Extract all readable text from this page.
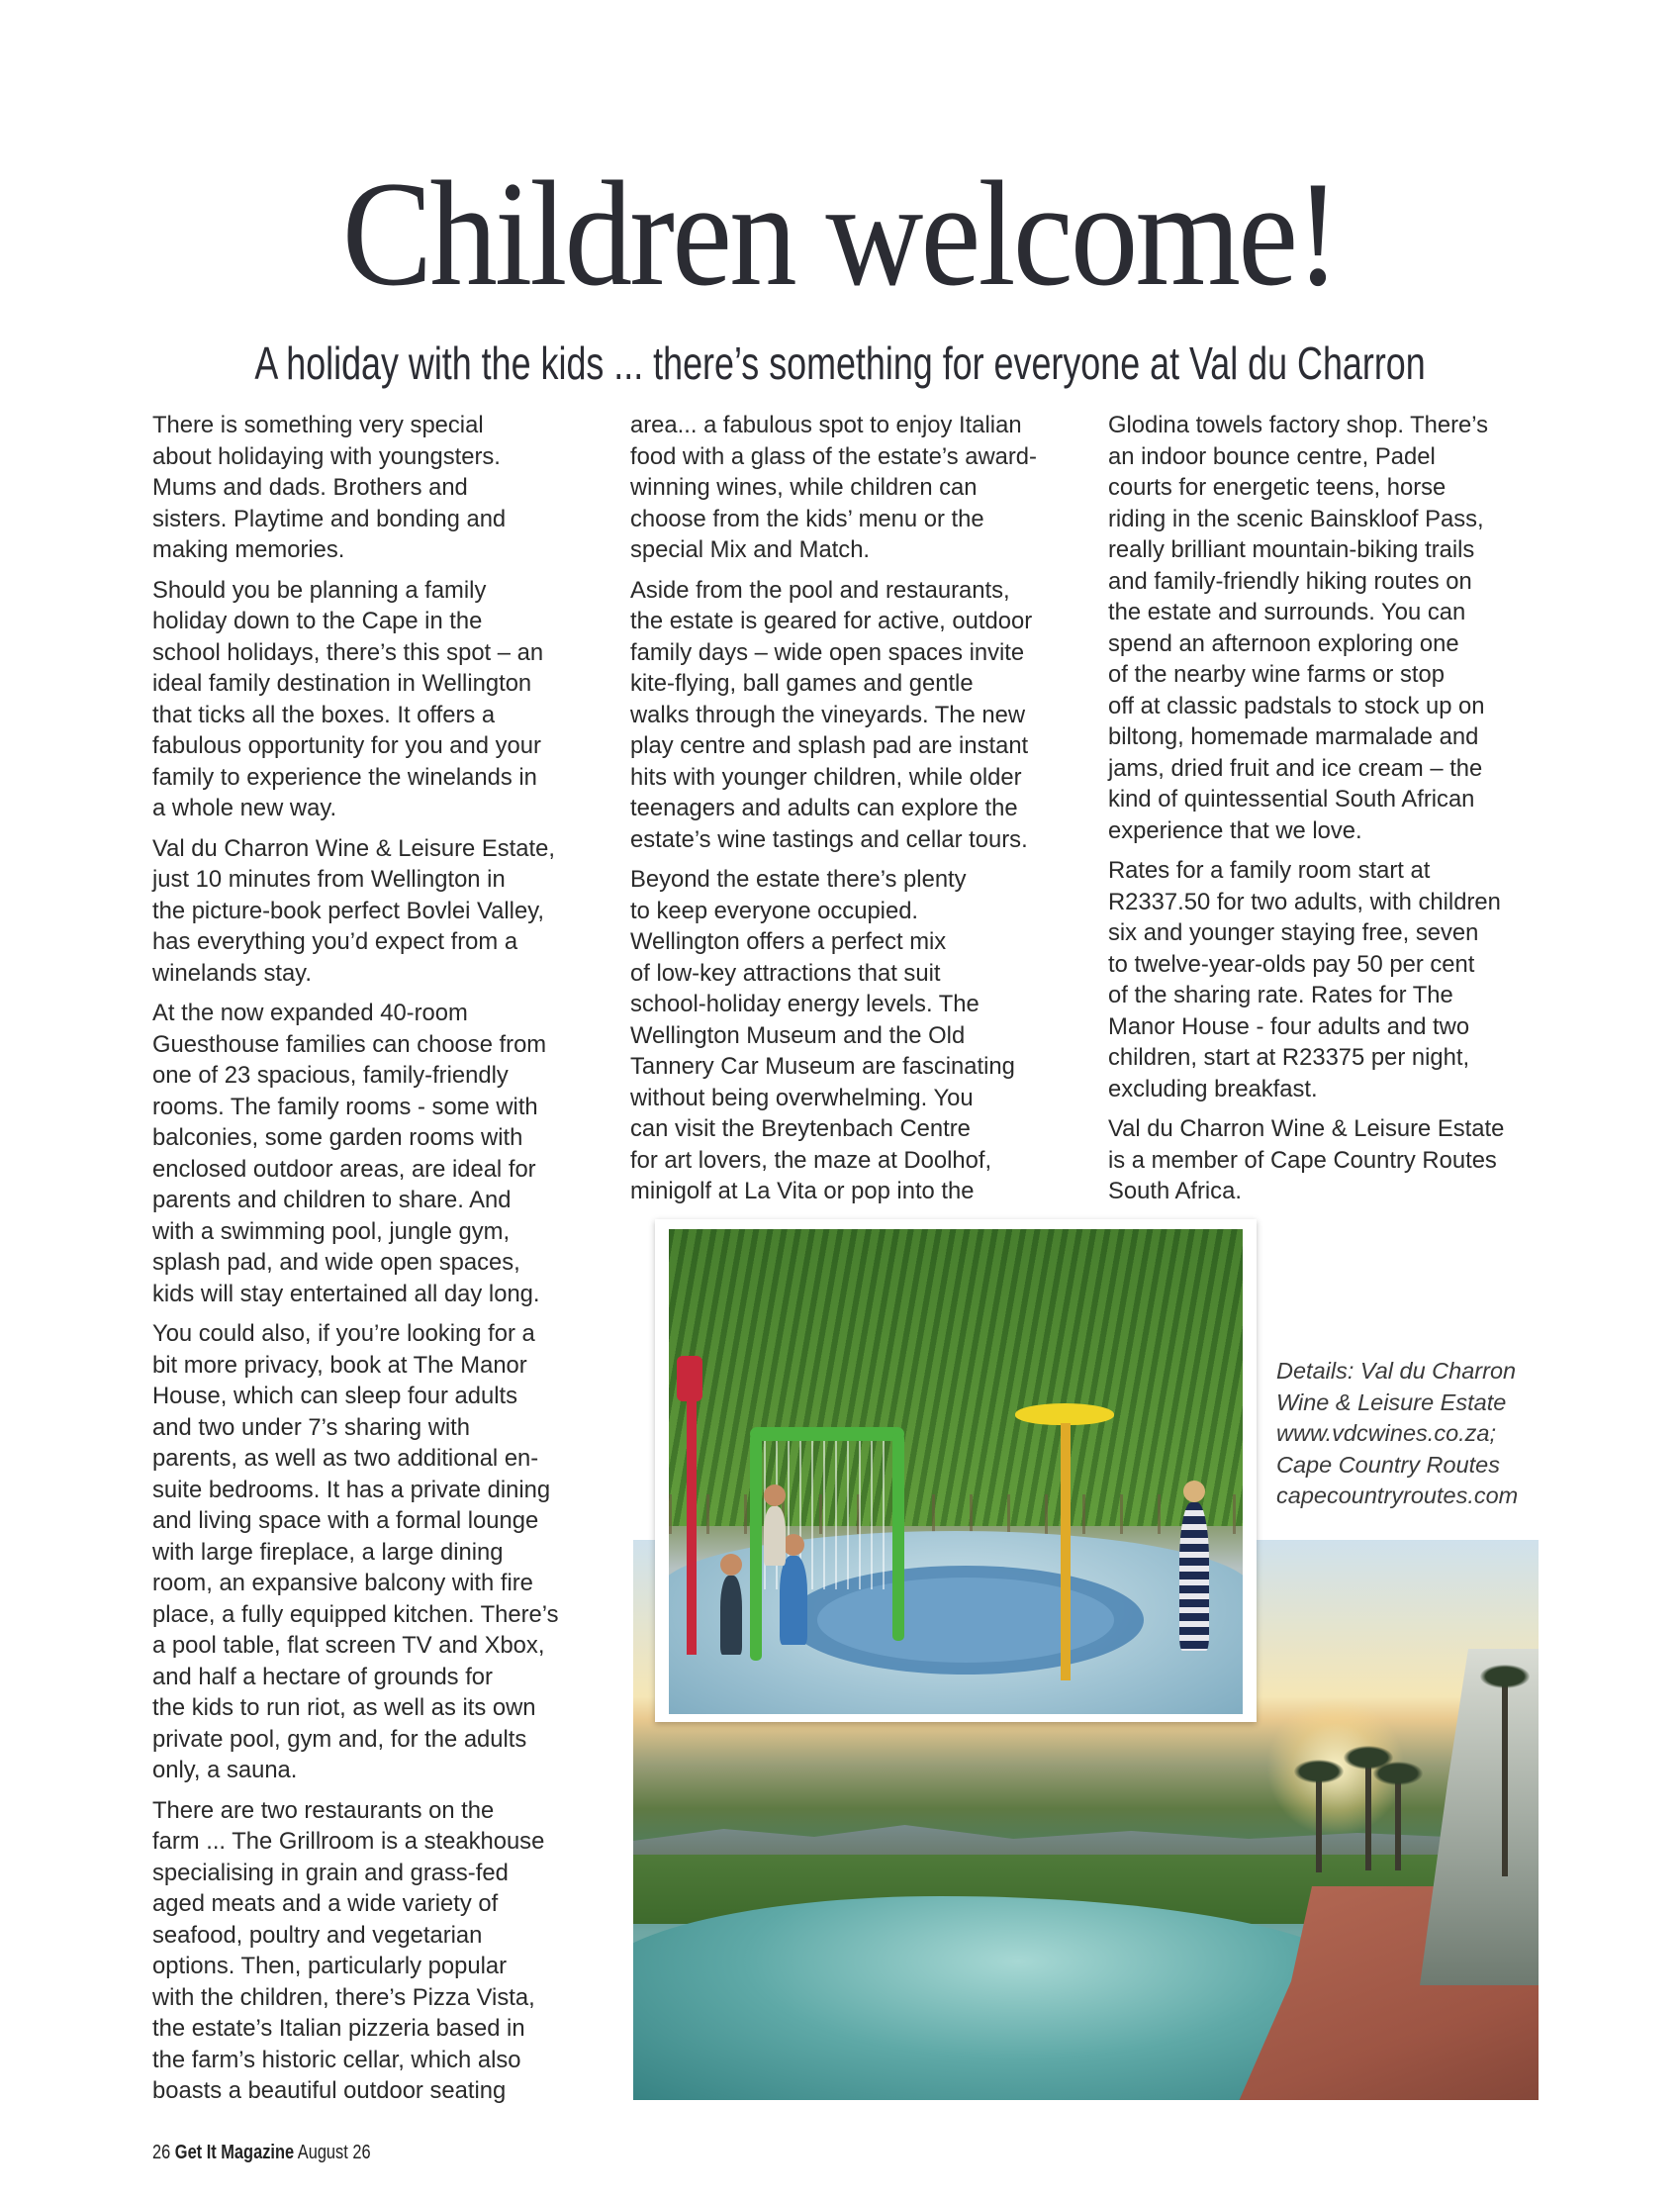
Children welcome!
A holiday with the kids ... there’s something for everyone at Val du Charron

There is something very special
about holidaying with youngsters.
Mums and dads. Brothers and
sisters. Playtime and bonding and
making memories.

Should you be planning a family
holiday down to the Cape in the
school holidays, there’s this spot – an
ideal family destination in Wellington
that ticks all the boxes. It offers a
fabulous opportunity for you and your
family to experience the winelands in
a whole new way.

Val du Charron Wine & Leisure Estate,
just 10 minutes from Wellington in
the picture-book perfect Bovlei Valley,
has everything you’d expect from a
winelands stay.

At the now expanded 40-room
Guesthouse families can choose from
one of 23 spacious, family-friendly
rooms. The family rooms - some with
balconies, some garden rooms with
enclosed outdoor areas, are ideal for
parents and children to share. And
with a swimming pool, jungle gym,
splash pad, and wide open spaces,
kids will stay entertained all day long.

You could also, if you’re looking for a
bit more privacy, book at The Manor
House, which can sleep four adults
and two under 7’s sharing with
parents, as well as two additional en-
suite bedrooms. It has a private dining
and living space with a formal lounge
with large fireplace, a large dining
room, an expansive balcony with fire
place, a fully equipped kitchen. There’s
a pool table, flat screen TV and Xbox,
and half a hectare of grounds for
the kids to run riot, as well as its own
private pool, gym and, for the adults
only, a sauna.

There are two restaurants on the
farm ... The Grillroom is a steakhouse
specialising in grain and grass-fed
aged meats and a wide variety of
seafood, poultry and vegetarian
options. Then, particularly popular
with the children, there’s Pizza Vista,
the estate’s Italian pizzeria based in
the farm’s historic cellar, which also
boasts a beautiful outdoor seating

area... a fabulous spot to enjoy Italian
food with a glass of the estate’s award-
winning wines, while children can
choose from the kids’ menu or the
special Mix and Match.

Aside from the pool and restaurants,
the estate is geared for active, outdoor
family days – wide open spaces invite
kite-flying, ball games and gentle
walks through the vineyards. The new
play centre and splash pad are instant
hits with younger children, while older
teenagers and adults can explore the
estate’s wine tastings and cellar tours.

Beyond the estate there’s plenty
to keep everyone occupied.
Wellington offers a perfect mix
of low-key attractions that suit
school-holiday energy levels. The
Wellington Museum and the Old
Tannery Car Museum are fascinating
without being overwhelming. You
can visit the Breytenbach Centre
for art lovers, the maze at Doolhof,
minigolf at La Vita or pop into the

Glodina towels factory shop. There’s
an indoor bounce centre, Padel
courts for energetic teens, horse
riding in the scenic Bainskloof Pass,
really brilliant mountain-biking trails
and family-friendly hiking routes on
the estate and surrounds. You can
spend an afternoon exploring one
of the nearby wine farms or stop
off at classic padstals to stock up on
biltong, homemade marmalade and
jams, dried fruit and ice cream – the
kind of quintessential South African
experience that we love.

Rates for a family room start at
R2337.50 for two adults, with children
six and younger staying free, seven
to twelve-year-olds pay 50 per cent
of the sharing rate. Rates for The
Manor House - four adults and two
children, start at R23375 per night,
excluding breakfast.

Val du Charron Wine & Leisure Estate
is a member of Cape Country Routes
South Africa.

Details: Val du Charron
Wine & Leisure Estate
www.vdcwines.co.za;
Cape Country Routes
capecountryroutes.com
26 Get It Magazine August 26
